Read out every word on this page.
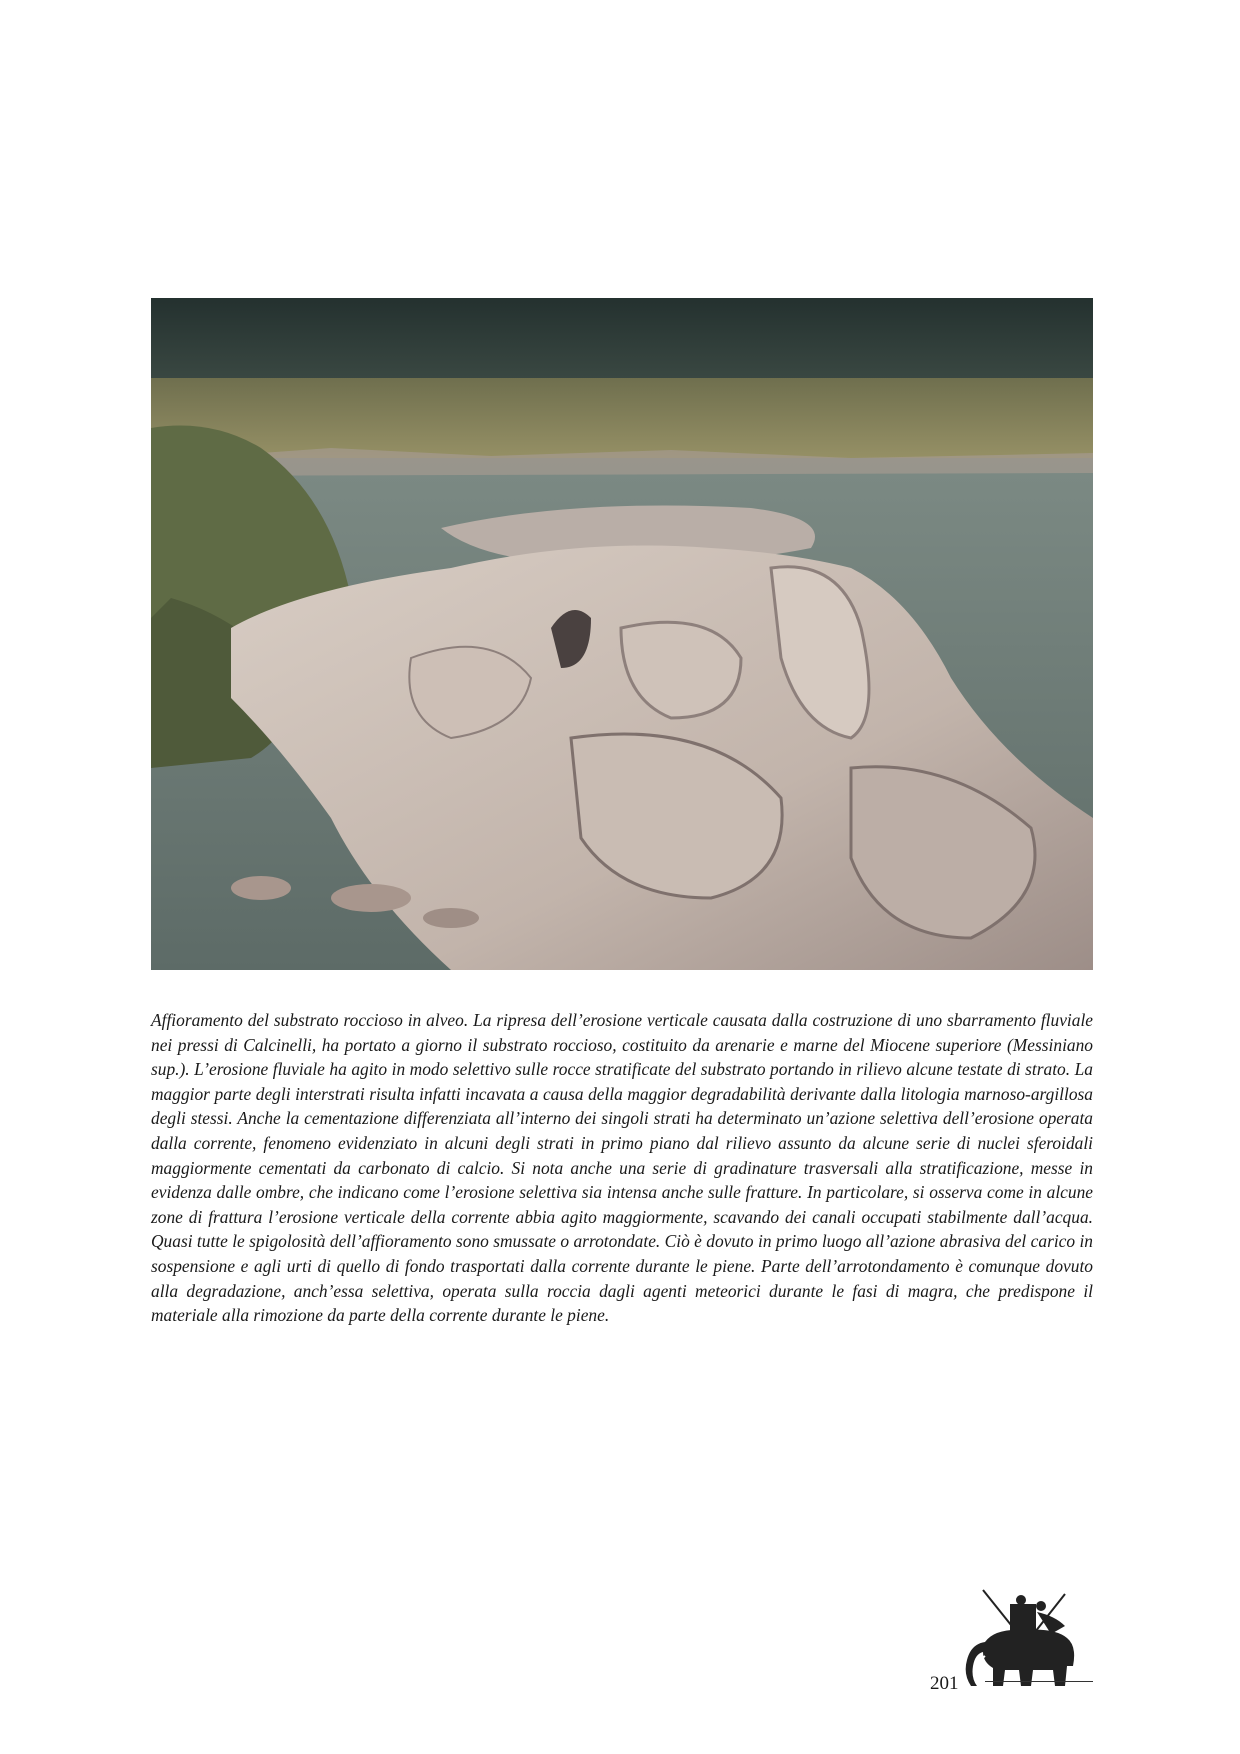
Affioramento del substrato roccioso in alveo. La ripresa dell’erosione verticale causata dalla costruzione di uno sbarramento fluviale nei pressi di Calcinelli, ha portato a giorno il substrato roccioso, costituito da arenarie e marne del Miocene superiore (Messiniano sup.). L’erosione fluviale ha agito in modo selettivo sulle rocce stratificate del substrato portando in rilievo alcune testate di strato. La maggior parte degli interstrati risulta infatti incavata a causa della maggior degradabilità derivante dalla litologia marnoso-argillosa degli stessi. Anche la cementazione differenziata all’interno dei singoli strati ha determinato un’azione selettiva dell’erosione operata dalla corrente, fenomeno evidenziato in alcuni degli strati in primo piano dal rilievo assunto da alcune serie di nuclei sferoidali maggiormente cementati da carbonato di calcio. Si nota anche una serie di gradinature trasversali alla stratificazione, messe in evidenza dalle ombre, che indicano come l’erosione selettiva sia intensa anche sulle fratture. In particolare, si osserva come in alcune zone di frattura l’erosione verticale della corrente abbia agito maggiormente, scavando dei canali occupati stabilmente dall’acqua. Quasi tutte le spigolosità dell’affioramento sono smussate o arrotondate. Ciò è dovuto in primo luogo all’azione abrasiva del carico in sospensione e agli urti di quello di fondo trasportati dalla corrente durante le piene. Parte dell’arrotondamento è comunque dovuto alla degradazione, anch’essa selettiva, operata sulla roccia dagli agenti meteorici durante le fasi di magra, che predispone il materiale alla rimozione da parte della corrente durante le piene.

201
